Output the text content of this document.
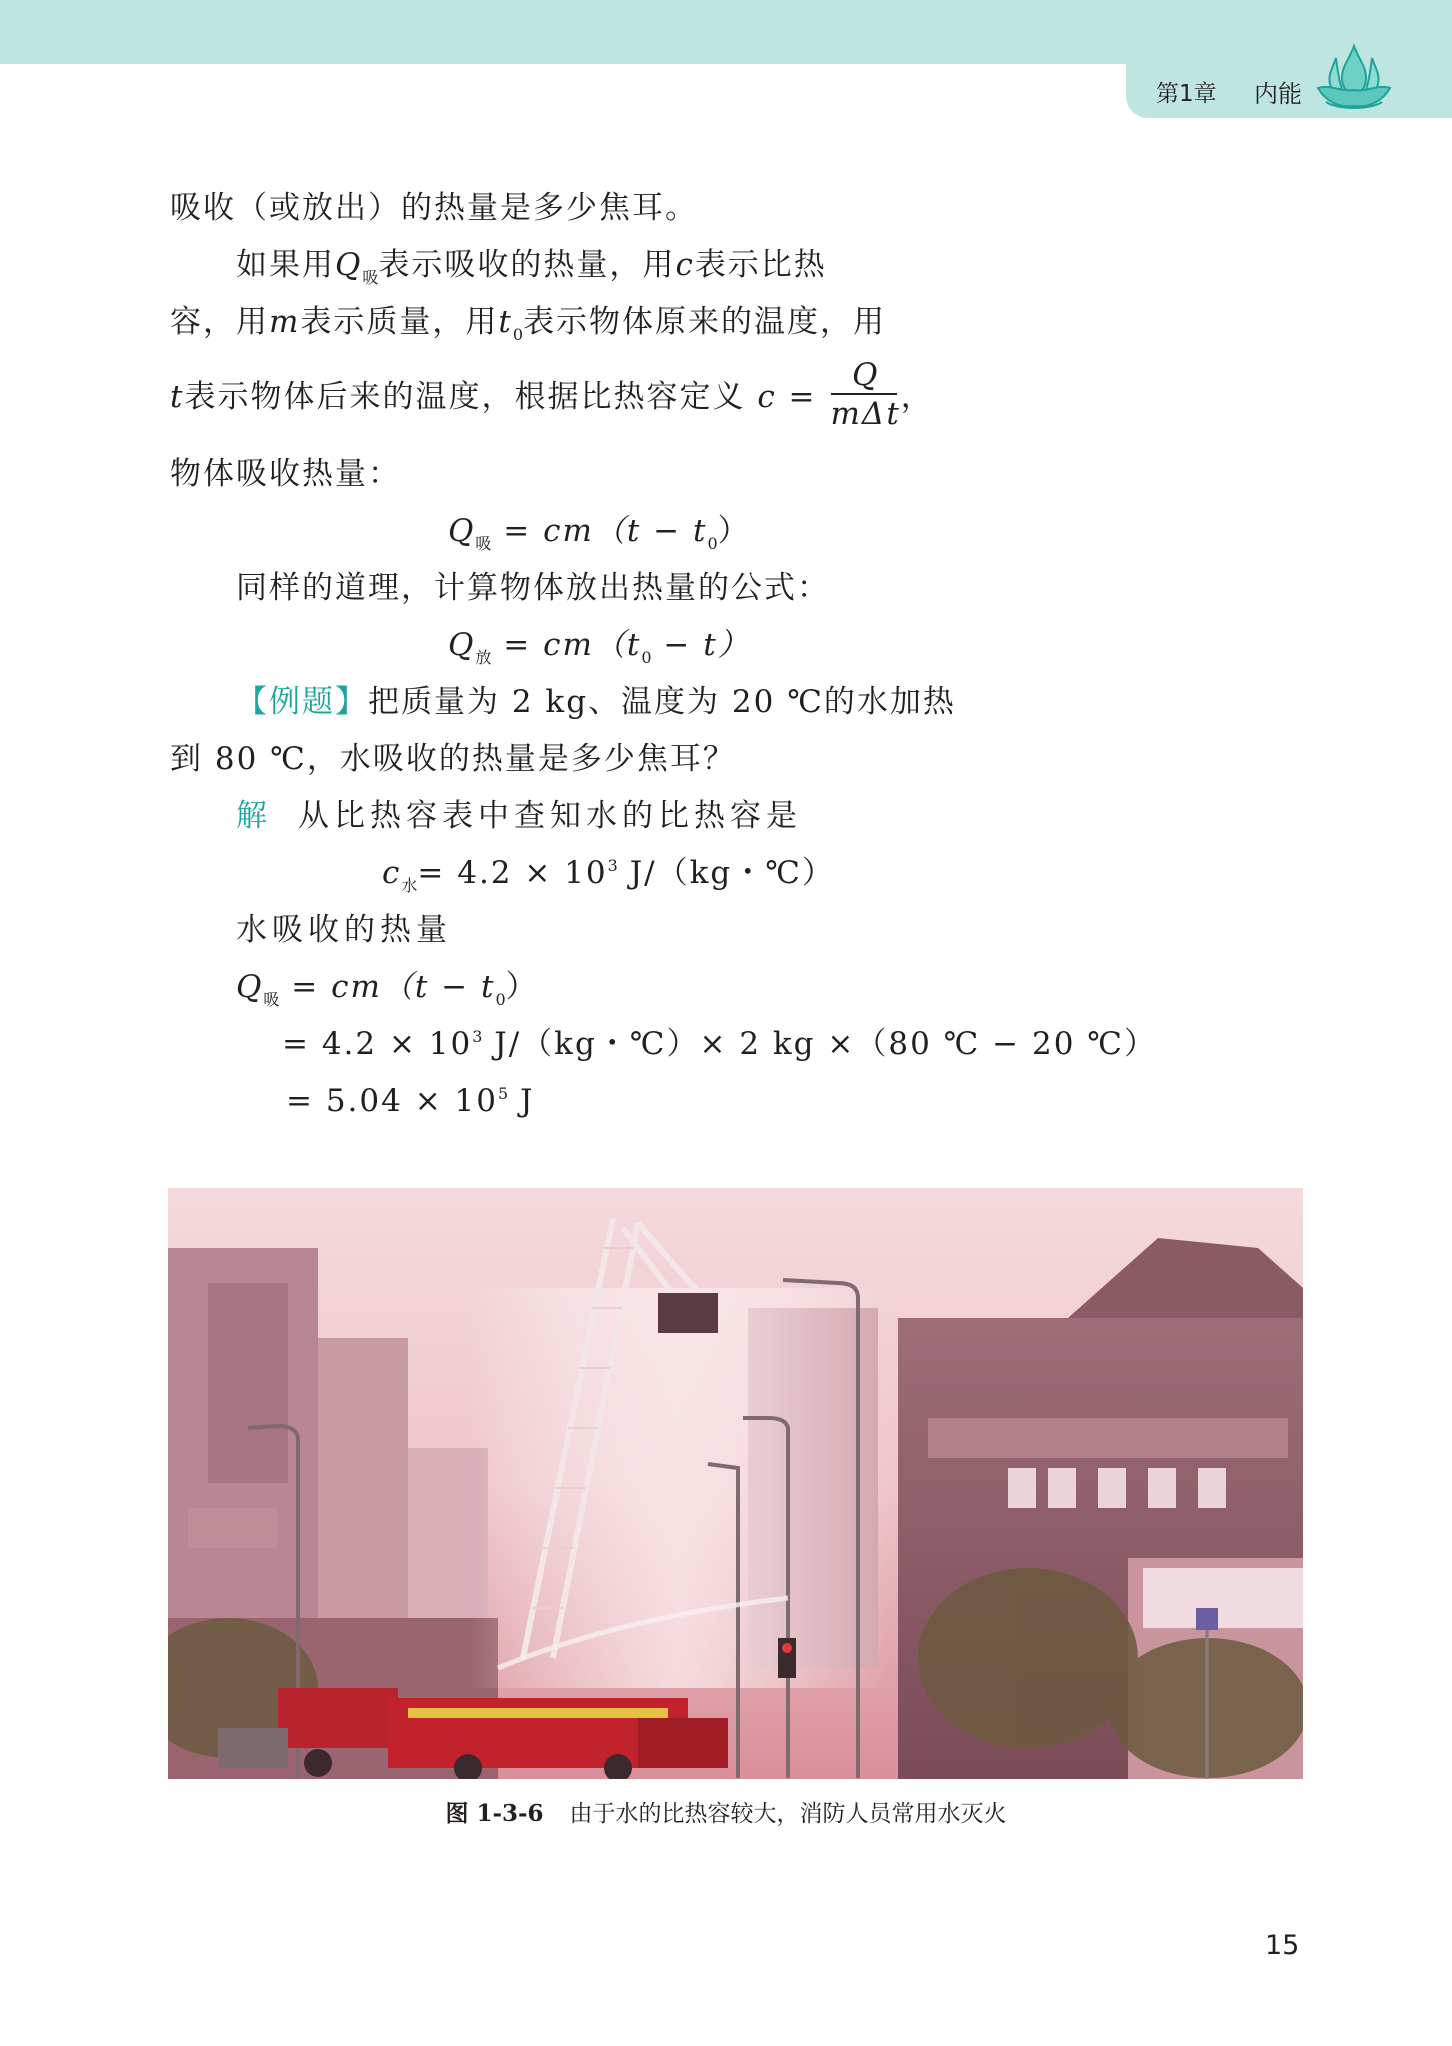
第1章 内能
吸收（或放出）的热量是多少焦耳。
如果用$Q_吸$表示吸收的热量，用c表示比热
容，用m表示质量，用$t_0$表示物体原来的温度，用
t表示物体后来的温度，根据比热容定义 $c = \frac{Q}{\text{mΔt}}$ ，
物体吸收热量：
$Q_吸 = cm(t - t_0)$
同样的道理，计算物体放出热量的公式：
$Q_放 = cm(t_0 - t)$
【例题】把质量为 2 kg、温度为 20 ℃的水加热
到 80 ℃，水吸收的热量是多少焦耳？
解 从比热容表中查知水的比热容是
$c_水= 4.2 \times 10^3$ J/（kg・℃）
水吸收的热量
$Q_吸 = cm(t - t_0)$
= $4.2 \times 10^3$ J/（kg・℃）× 2 kg ×（80 ℃ − 20 ℃）
= $5.04 \times 10^5$ J
图 1-3-6 由于水的比热容较大，消防人员常用水灭火
15
